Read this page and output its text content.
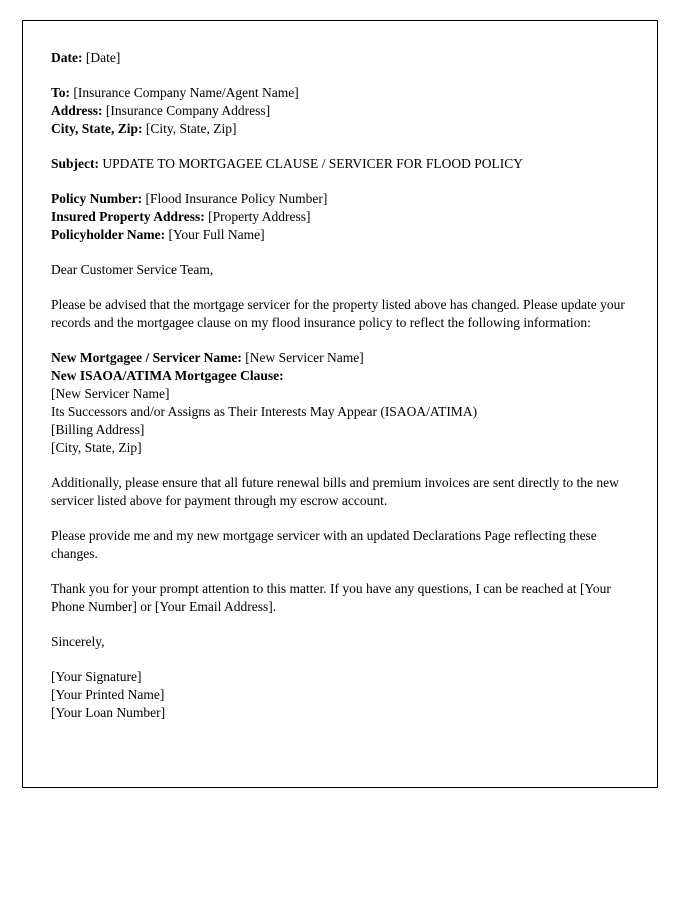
Date: [Date]
To: [Insurance Company Name/Agent Name]
Address: [Insurance Company Address]
City, State, Zip: [City, State, Zip]
Subject: UPDATE TO MORTGAGEE CLAUSE / SERVICER FOR FLOOD POLICY
Policy Number: [Flood Insurance Policy Number]
Insured Property Address: [Property Address]
Policyholder Name: [Your Full Name]
Dear Customer Service Team,
Please be advised that the mortgage servicer for the property listed above has changed. Please update your records and the mortgagee clause on my flood insurance policy to reflect the following information:
New Mortgagee / Servicer Name: [New Servicer Name]
New ISAOA/ATIMA Mortgagee Clause:
[New Servicer Name]
Its Successors and/or Assigns as Their Interests May Appear (ISAOA/ATIMA)
[Billing Address]
[City, State, Zip]
Additionally, please ensure that all future renewal bills and premium invoices are sent directly to the new servicer listed above for payment through my escrow account.
Please provide me and my new mortgage servicer with an updated Declarations Page reflecting these changes.
Thank you for your prompt attention to this matter. If you have any questions, I can be reached at [Your Phone Number] or [Your Email Address].
Sincerely,
[Your Signature]
[Your Printed Name]
[Your Loan Number]
